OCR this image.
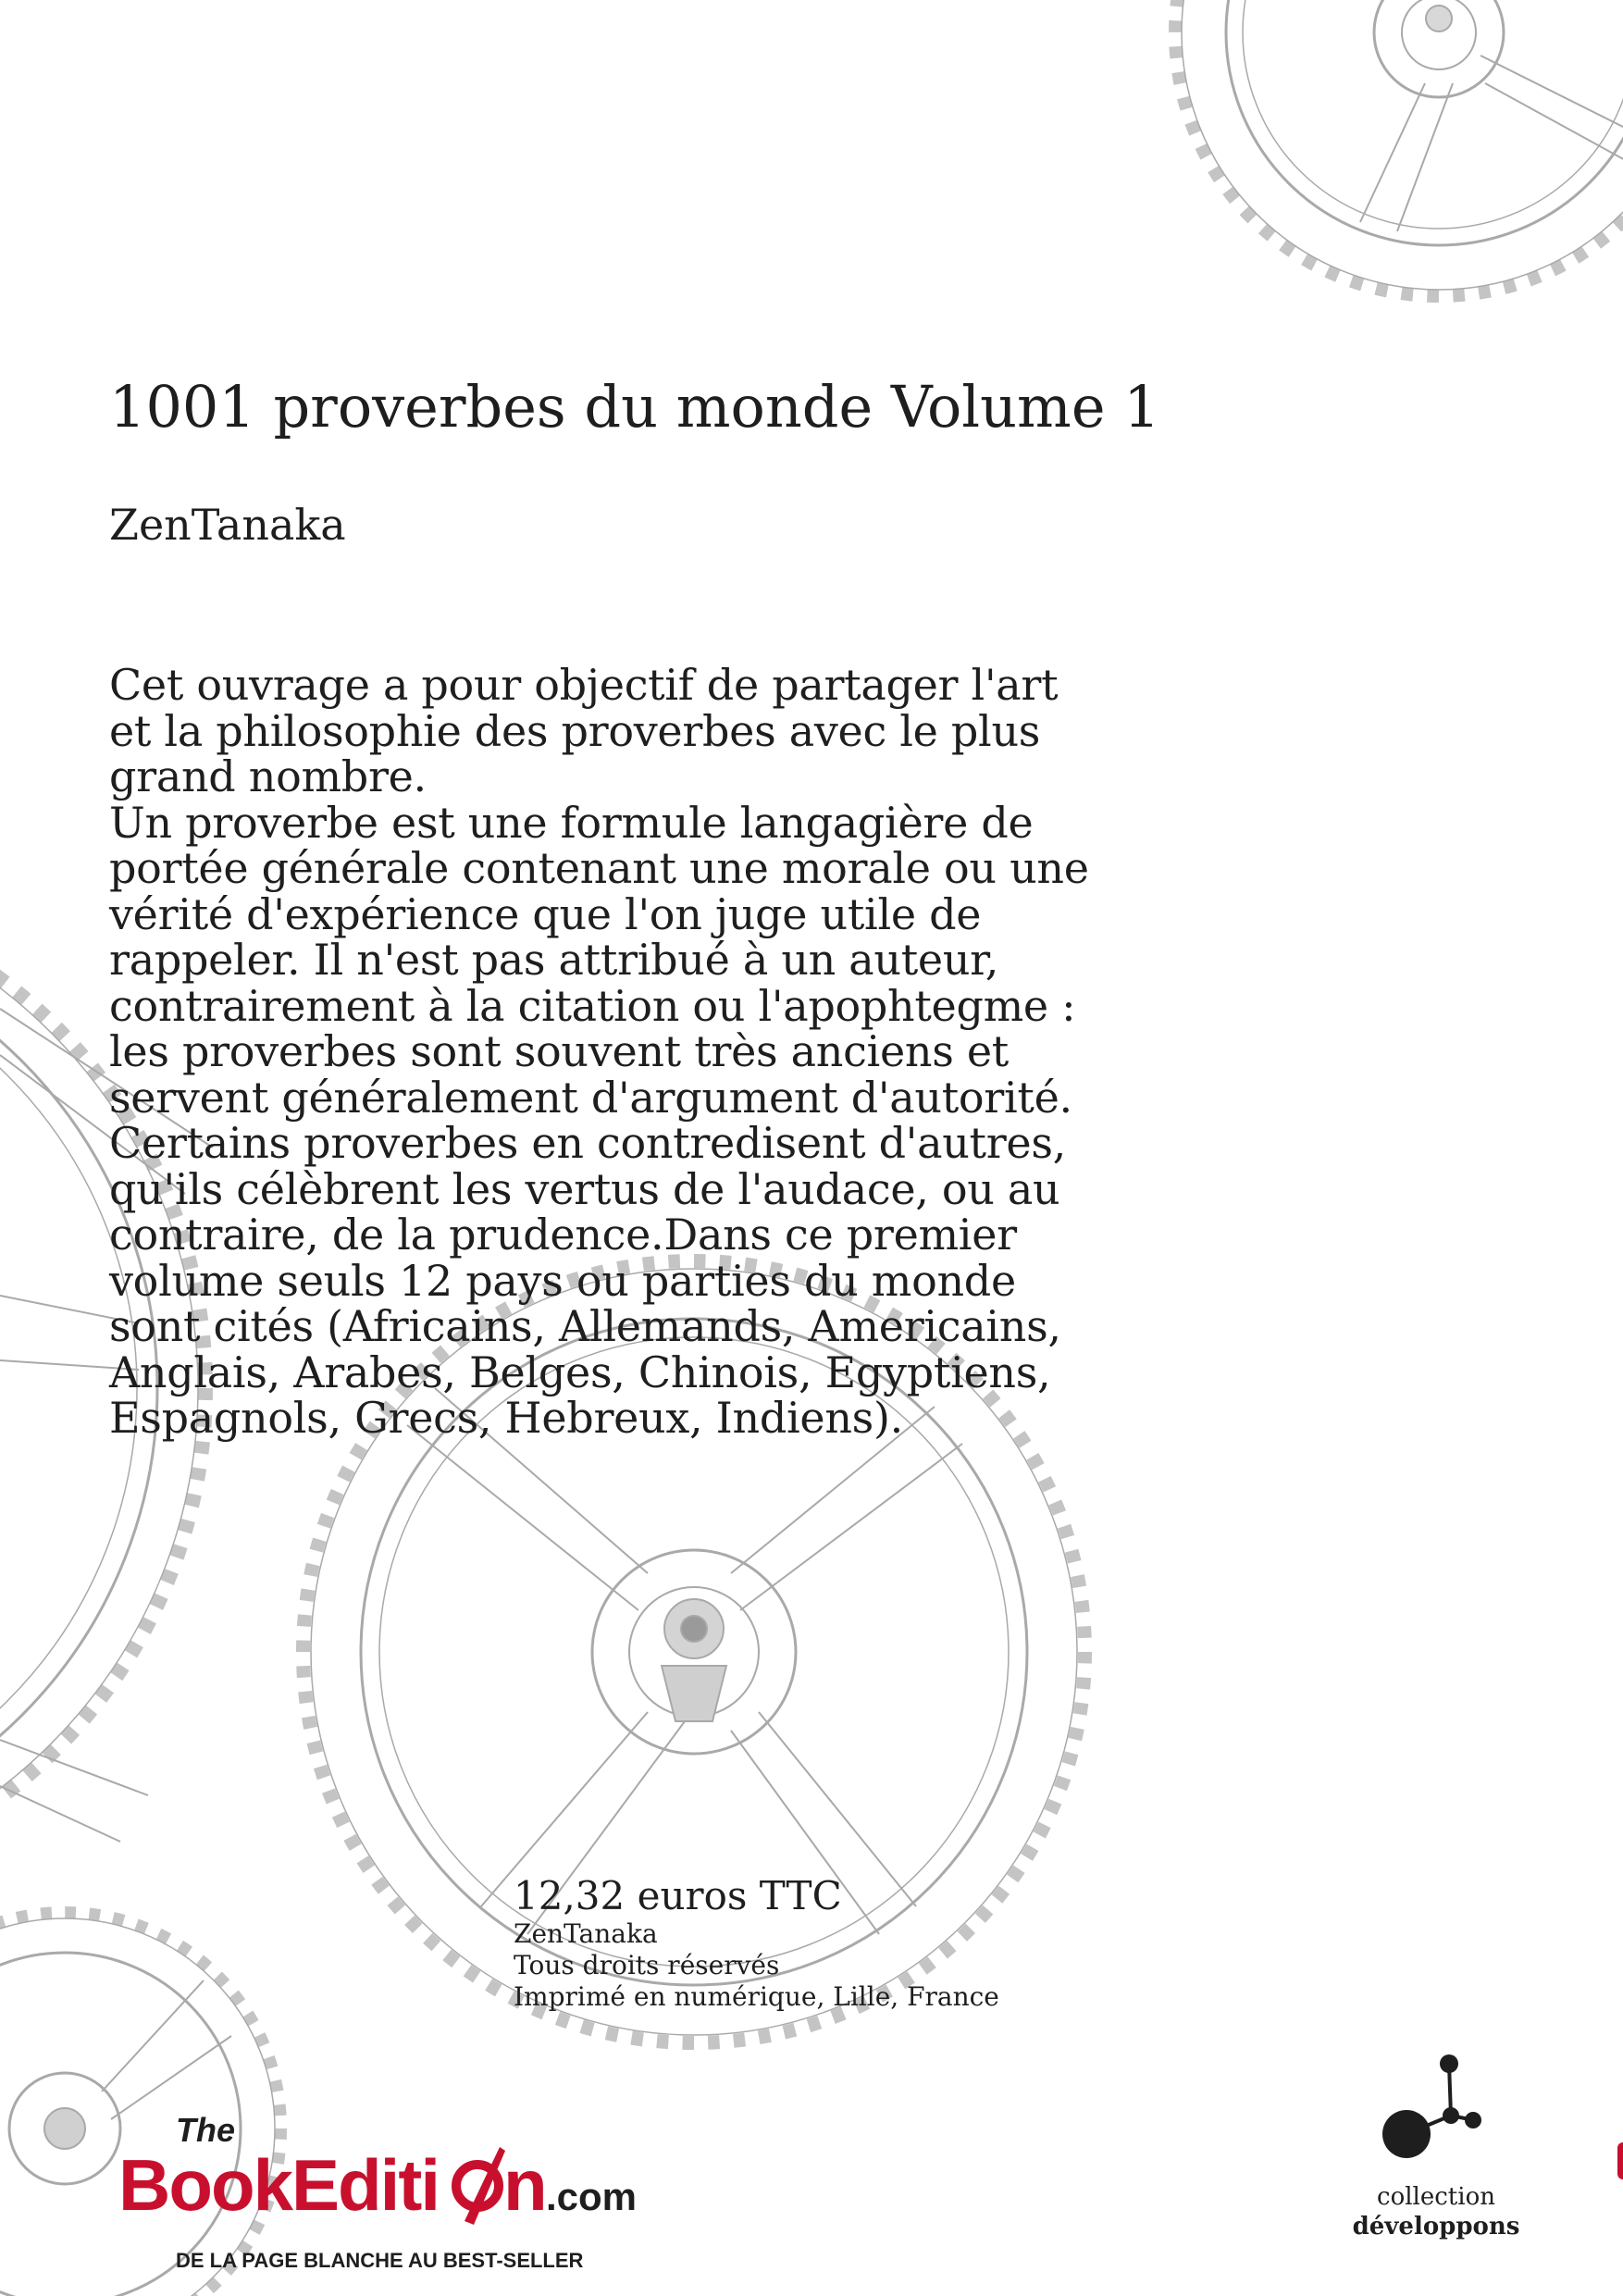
1001 proverbes du monde Volume 1
ZenTanaka

Cet ouvrage a pour objectif de partager l'art

et la philosophie des proverbes avec le plus

grand nombre.

Un proverbe est une formule langagière de

portée générale contenant une morale ou une

vérité d'expérience que l'on juge utile de

rappeler. Il n'est pas attribué à un auteur,

contrairement à la citation ou l'apophtegme :

les proverbes sont souvent très anciens et

servent généralement d'argument d'autorité.

Certains proverbes en contredisent d'autres,

qu'ils célèbrent les vertus de l'audace, ou au

contraire, de la prudence.Dans ce premier

volume seuls 12 pays ou parties du monde

sont cités (Africains, Allemands, Americains,

Anglais, Arabes, Belges, Chinois, Egyptiens,

Espagnols, Grecs, Hebreux, Indiens).

12,32 euros TTC
ZenTanaka
Tous droits réservés
Imprimé en numérique, Lille, France
The
BookEditi n
.com
DE LA PAGE BLANCHE AU BEST-SELLER
collection
développons
